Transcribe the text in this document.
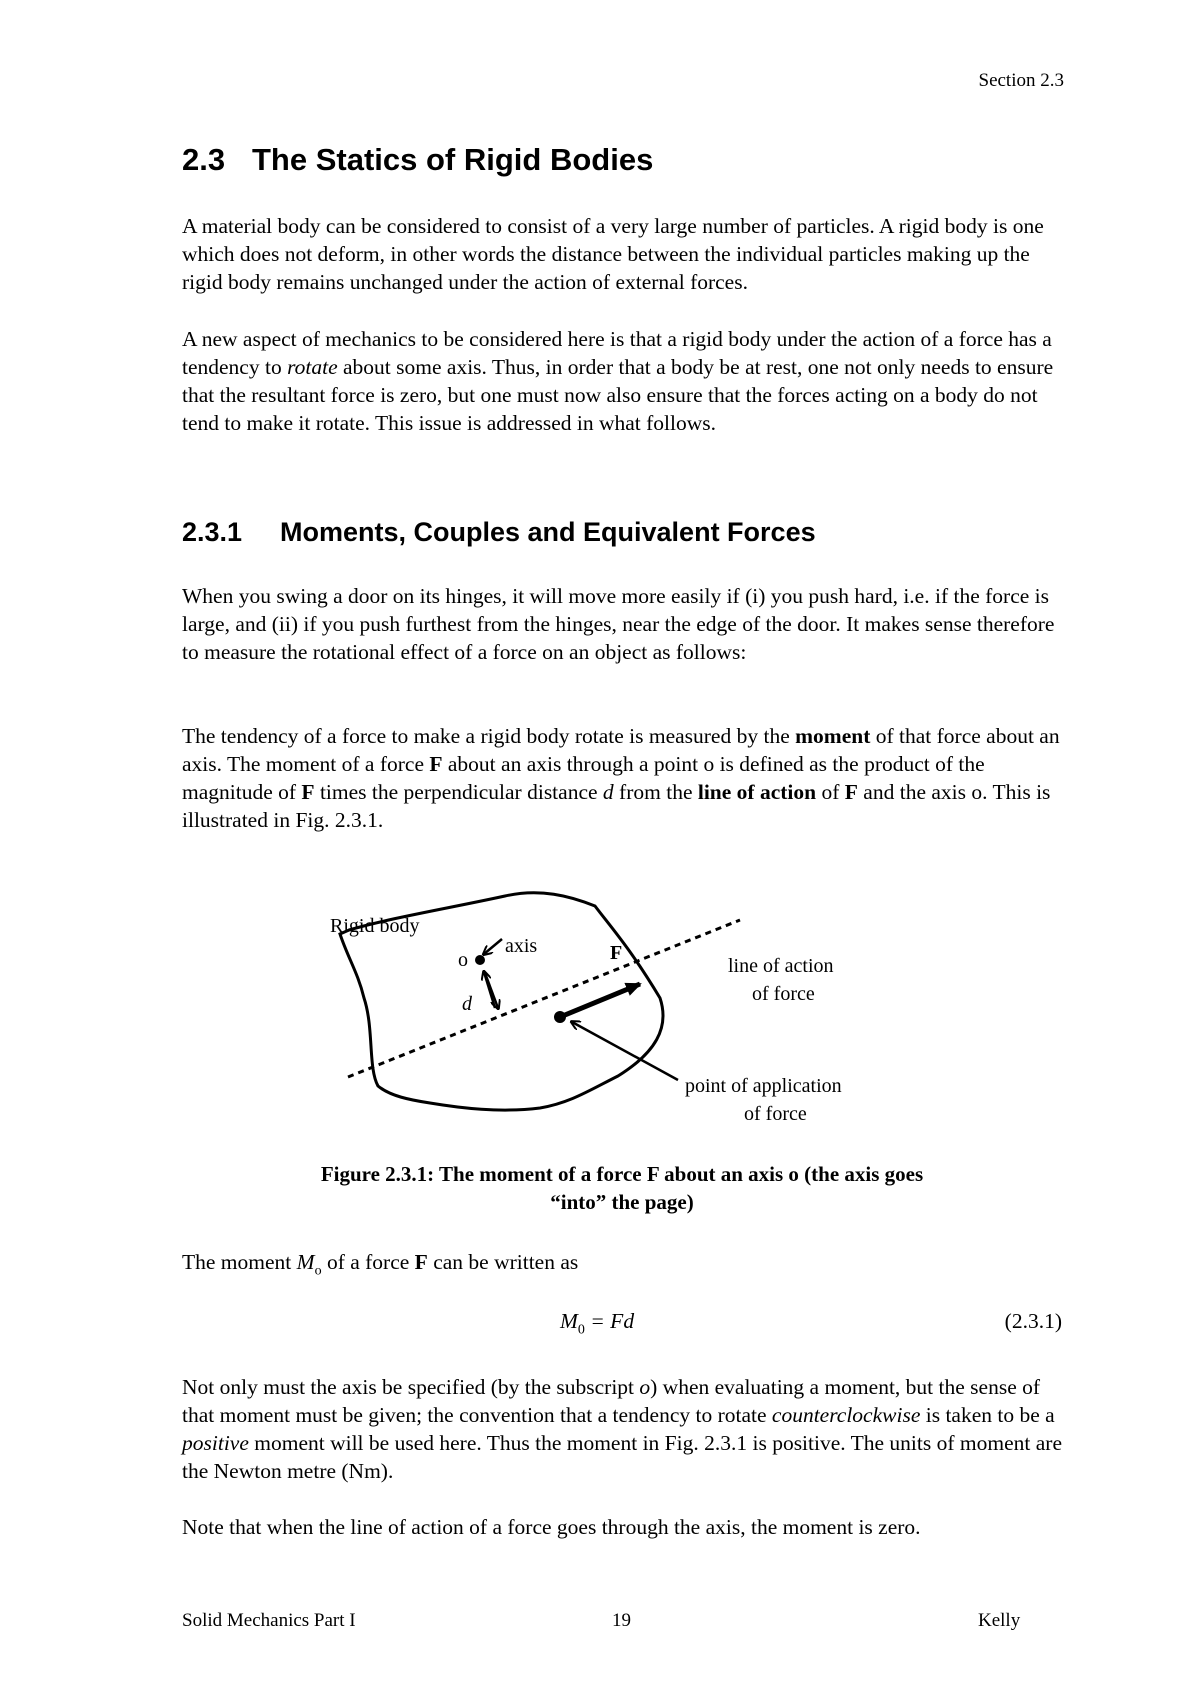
Section 2.3
2.3 The Statics of Rigid Bodies

A material body can be considered to consist of a very large number of particles. A rigid body is one which does not deform, in other words the distance between the individual particles making up the rigid body remains unchanged under the action of external forces.

A new aspect of mechanics to be considered here is that a rigid body under the action of a force has a tendency to rotate about some axis. Thus, in order that a body be at rest, one not only needs to ensure that the resultant force is zero, but one must now also ensure that the forces acting on a body do not tend to make it rotate. This issue is addressed in what follows.

2.3.1 Moments, Couples and Equivalent Forces

When you swing a door on its hinges, it will move more easily if (i) you push hard, i.e. if the force is large, and (ii) if you push furthest from the hinges, near the edge of the door. It makes sense therefore to measure the rotational effect of a force on an object as follows:

The tendency of a force to make a rigid body rotate is measured by the moment of that force about an axis. The moment of a force F about an axis through a point o is defined as the product of the magnitude of F times the perpendicular distance d from the line of action of F and the axis o. This is illustrated in Fig. 2.3.1.

Rigid body
axis
o
d
F
line of action
of force
point of application
of force

Figure 2.3.1: The moment of a force F about an axis o (the axis goes
“into” the page)

The moment $M_o$ of a force F can be written as

$M_0 = Fd$	(2.3.1)

Not only must the axis be specified (by the subscript o) when evaluating a moment, but the sense of that moment must be given; the convention that a tendency to rotate counterclockwise is taken to be a positive moment will be used here. Thus the moment in Fig. 2.3.1 is positive. The units of moment are the Newton metre (Nm).

Note that when the line of action of a force goes through the axis, the moment is zero.

Solid Mechanics Part I	19	Kelly
